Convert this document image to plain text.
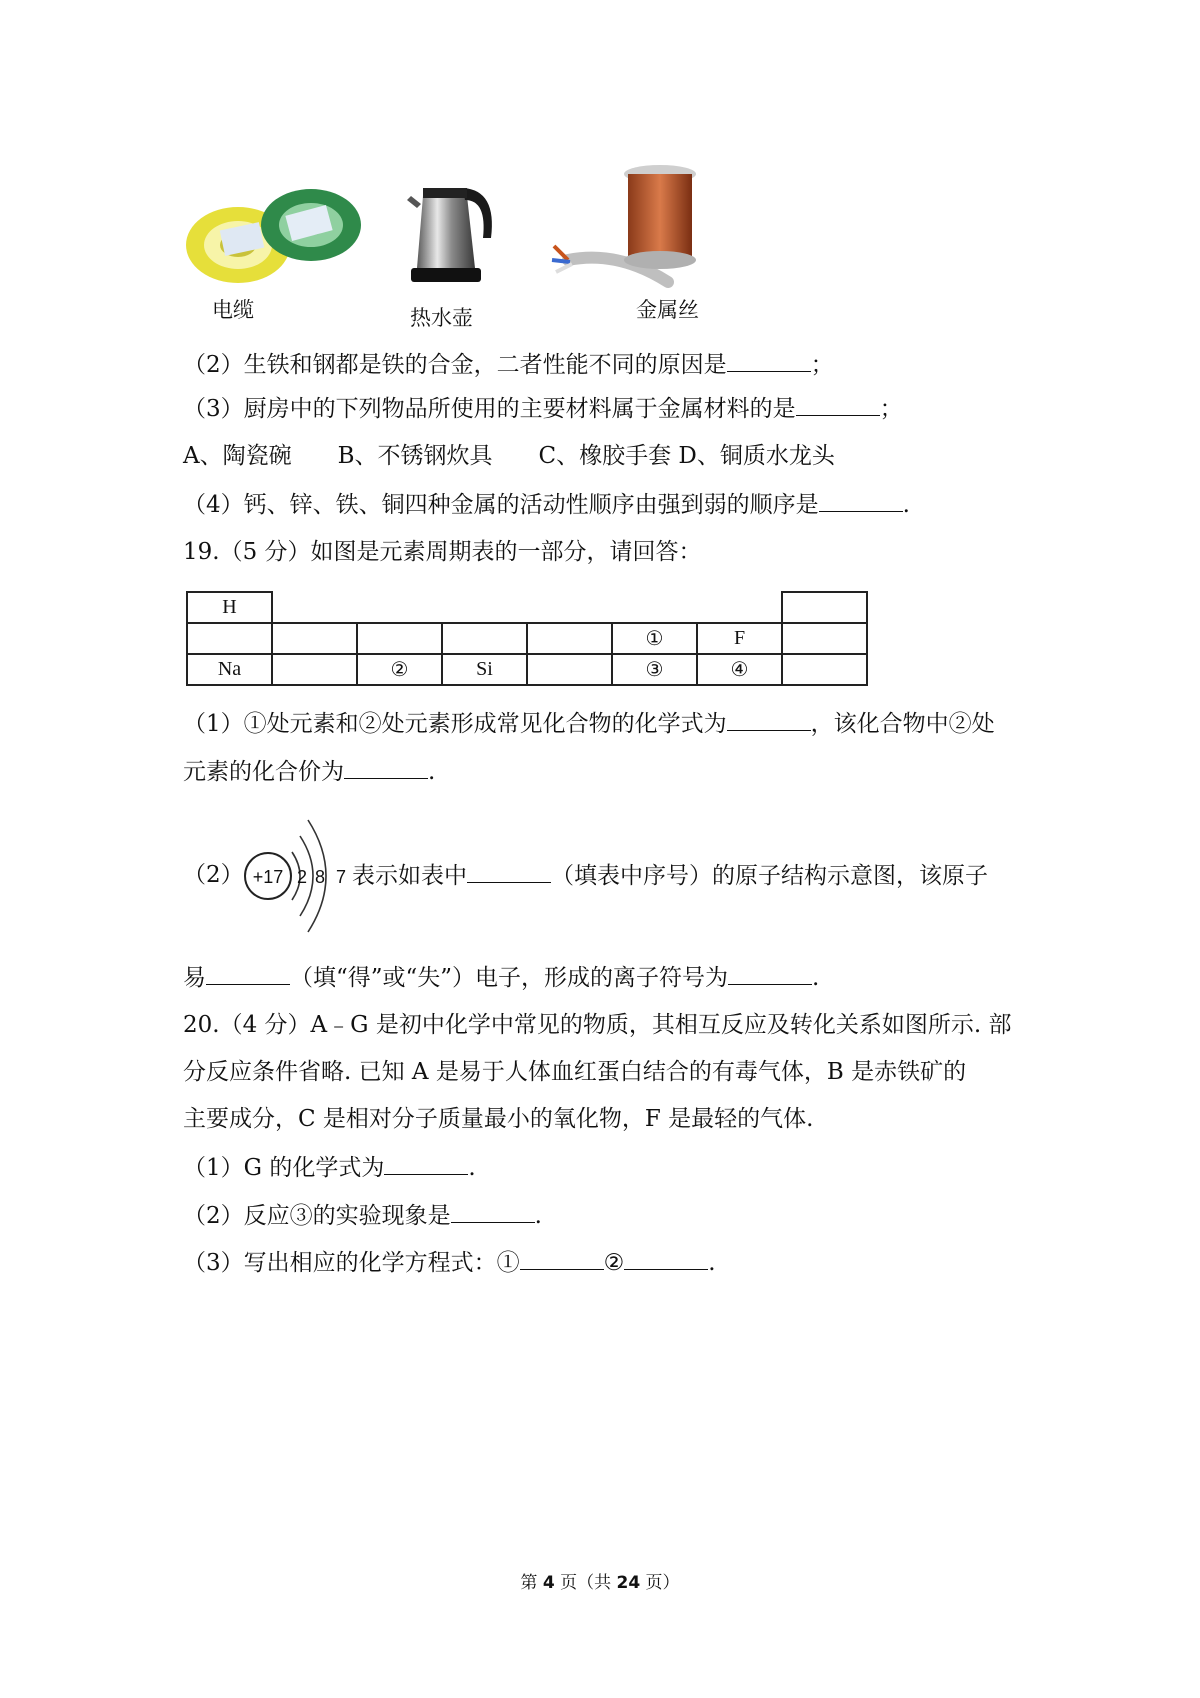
电缆	热水壶	金属丝
（2）生铁和钢都是铁的合金，二者性能不同的原因是	；
（3）厨房中的下列物品所使用的主要材料属于金属材料的是	；
A、陶瓷碗　　B、不锈钢炊具　　C、橡胶手套 D、铜质水龙头
（4）钙、锌、铁、铜四种金属的活动性顺序由强到弱的顺序是	.
19.（5 分）如图是元素周期表的一部分，请回答：
H							
					①	F	
Na		②	Si		③	④	
（1）①处元素和②处元素形成常见化合物的化学式为	，该化合物中②处
元素的化合价为	.
+17 2 8 7
（2）	表示如表中	（填表中序号）的原子结构示意图，该原子
易	（填“得”或“失”）电子，形成的离子符号为	.
20.（4 分）A﹣G 是初中化学中常见的物质，其相互反应及转化关系如图所示. 部
分反应条件省略. 已知 A 是易于人体血红蛋白结合的有毒气体，B 是赤铁矿的
主要成分，C 是相对分子质量最小的氧化物，F 是最轻的气体.
（1）G 的化学式为	.
（2）反应③的实验现象是	.
（3）写出相应的化学方程式：①	②	.
第 4 页（共 24 页）
